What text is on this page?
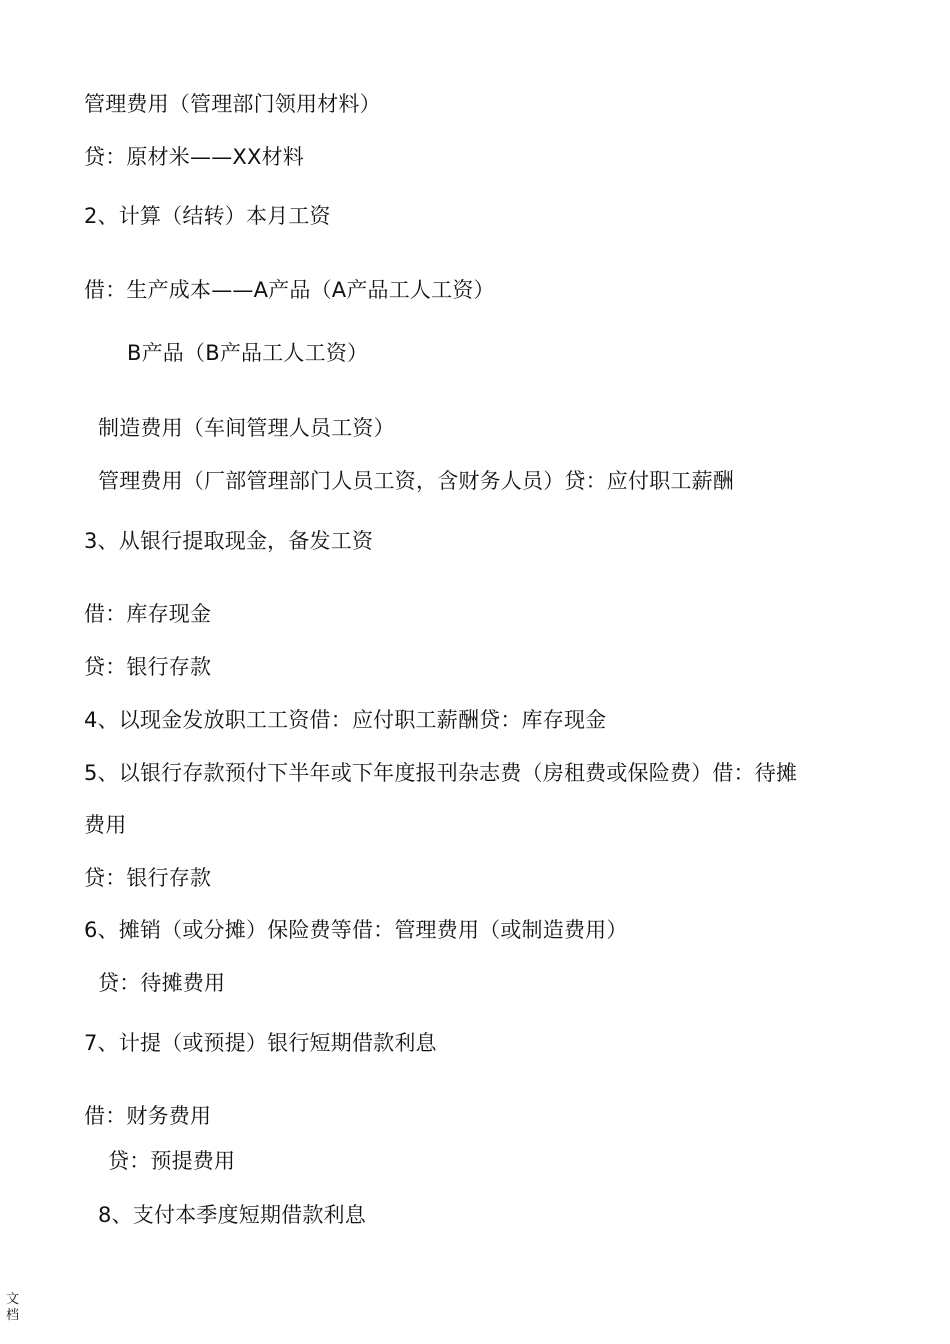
管理费用（管理部门领用材料）
贷：原材米——XX材料
2、计算（结转）本月工资
借：生产成本——A产品（A产品工人工资）
B产品（B产品工人工资）
制造费用（车间管理人员工资）
管理费用（厂部管理部门人员工资，含财务人员）贷：应付职工薪酬
3、从银行提取现金，备发工资
借：库存现金
贷：银行存款
4、以现金发放职工工资借：应付职工薪酬贷：库存现金
5、以银行存款预付下半年或下年度报刊杂志费（房租费或保险费）借：待摊
费用
贷：银行存款
6、摊销（或分摊）保险费等借：管理费用（或制造费用）
贷：待摊费用
7、计提（或预提）银行短期借款利息
借：财务费用
贷：预提费用
8、支付本季度短期借款利息
文档
